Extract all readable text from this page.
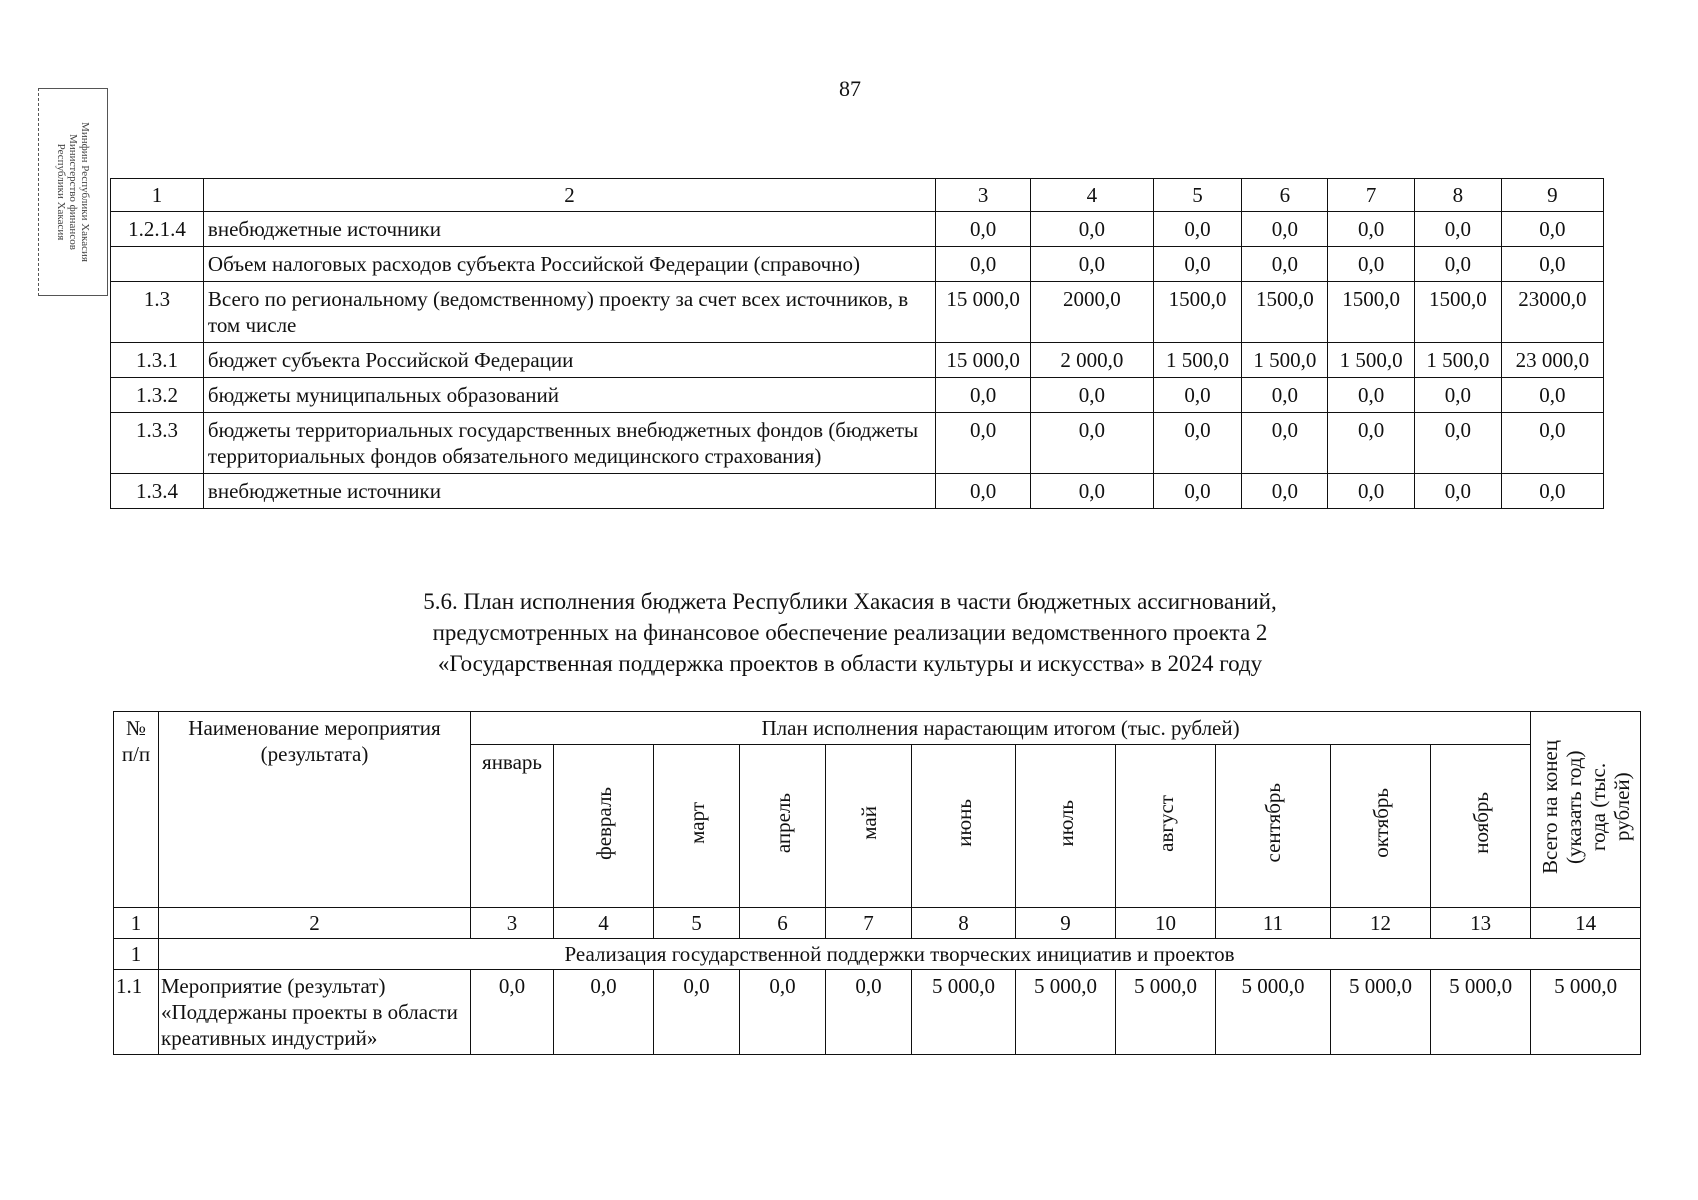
87
Минфин Республики Хакасия
Министерство финансов
Республики Хакасия
1	2	3	4	5	6	7	8	9
1.2.1.4	внебюджетные источники	0,0	0,0	0,0	0,0	0,0	0,0	0,0
	Объем налоговых расходов субъекта Российской Федерации (справочно)	0,0	0,0	0,0	0,0	0,0	0,0	0,0
1.3	Всего по региональному (ведомственному) проекту за счет всех источников, в том числе	15 000,0	2000,0	1500,0	1500,0	1500,0	1500,0	23000,0
1.3.1	бюджет субъекта Российской Федерации	15 000,0	2 000,0	1 500,0	1 500,0	1 500,0	1 500,0	23 000,0
1.3.2	бюджеты муниципальных образований	0,0	0,0	0,0	0,0	0,0	0,0	0,0
1.3.3	бюджеты территориальных государственных внебюджетных фондов (бюджеты территориальных фондов обязательного медицинского страхования)	0,0	0,0	0,0	0,0	0,0	0,0	0,0
1.3.4	внебюджетные источники	0,0	0,0	0,0	0,0	0,0	0,0	0,0
5.6. План исполнения бюджета Республики Хакасия в части бюджетных ассигнований,
предусмотренных на финансовое обеспечение реализации ведомственного проекта 2
«Государственная поддержка проектов в области культуры и искусства» в 2024 году
№ п/п	Наименование мероприятия (результата)	План исполнения нарастающим итогом (тыс. рублей)											Всего на конец (указать год) года (тыс. рублей)
		январь	февраль	март	апрель	май	июнь	июль	август	сентябрь	октябрь	ноябрь	
1	2	3	4	5	6	7	8	9	10	11	12	13	14
1	Реализация государственной поддержки творческих инициатив и проектов												
1.1	Мероприятие (результат) «Поддержаны проекты в области креативных индустрий»	0,0	0,0	0,0	0,0	0,0	5 000,0	5 000,0	5 000,0	5 000,0	5 000,0	5 000,0	5 000,0
